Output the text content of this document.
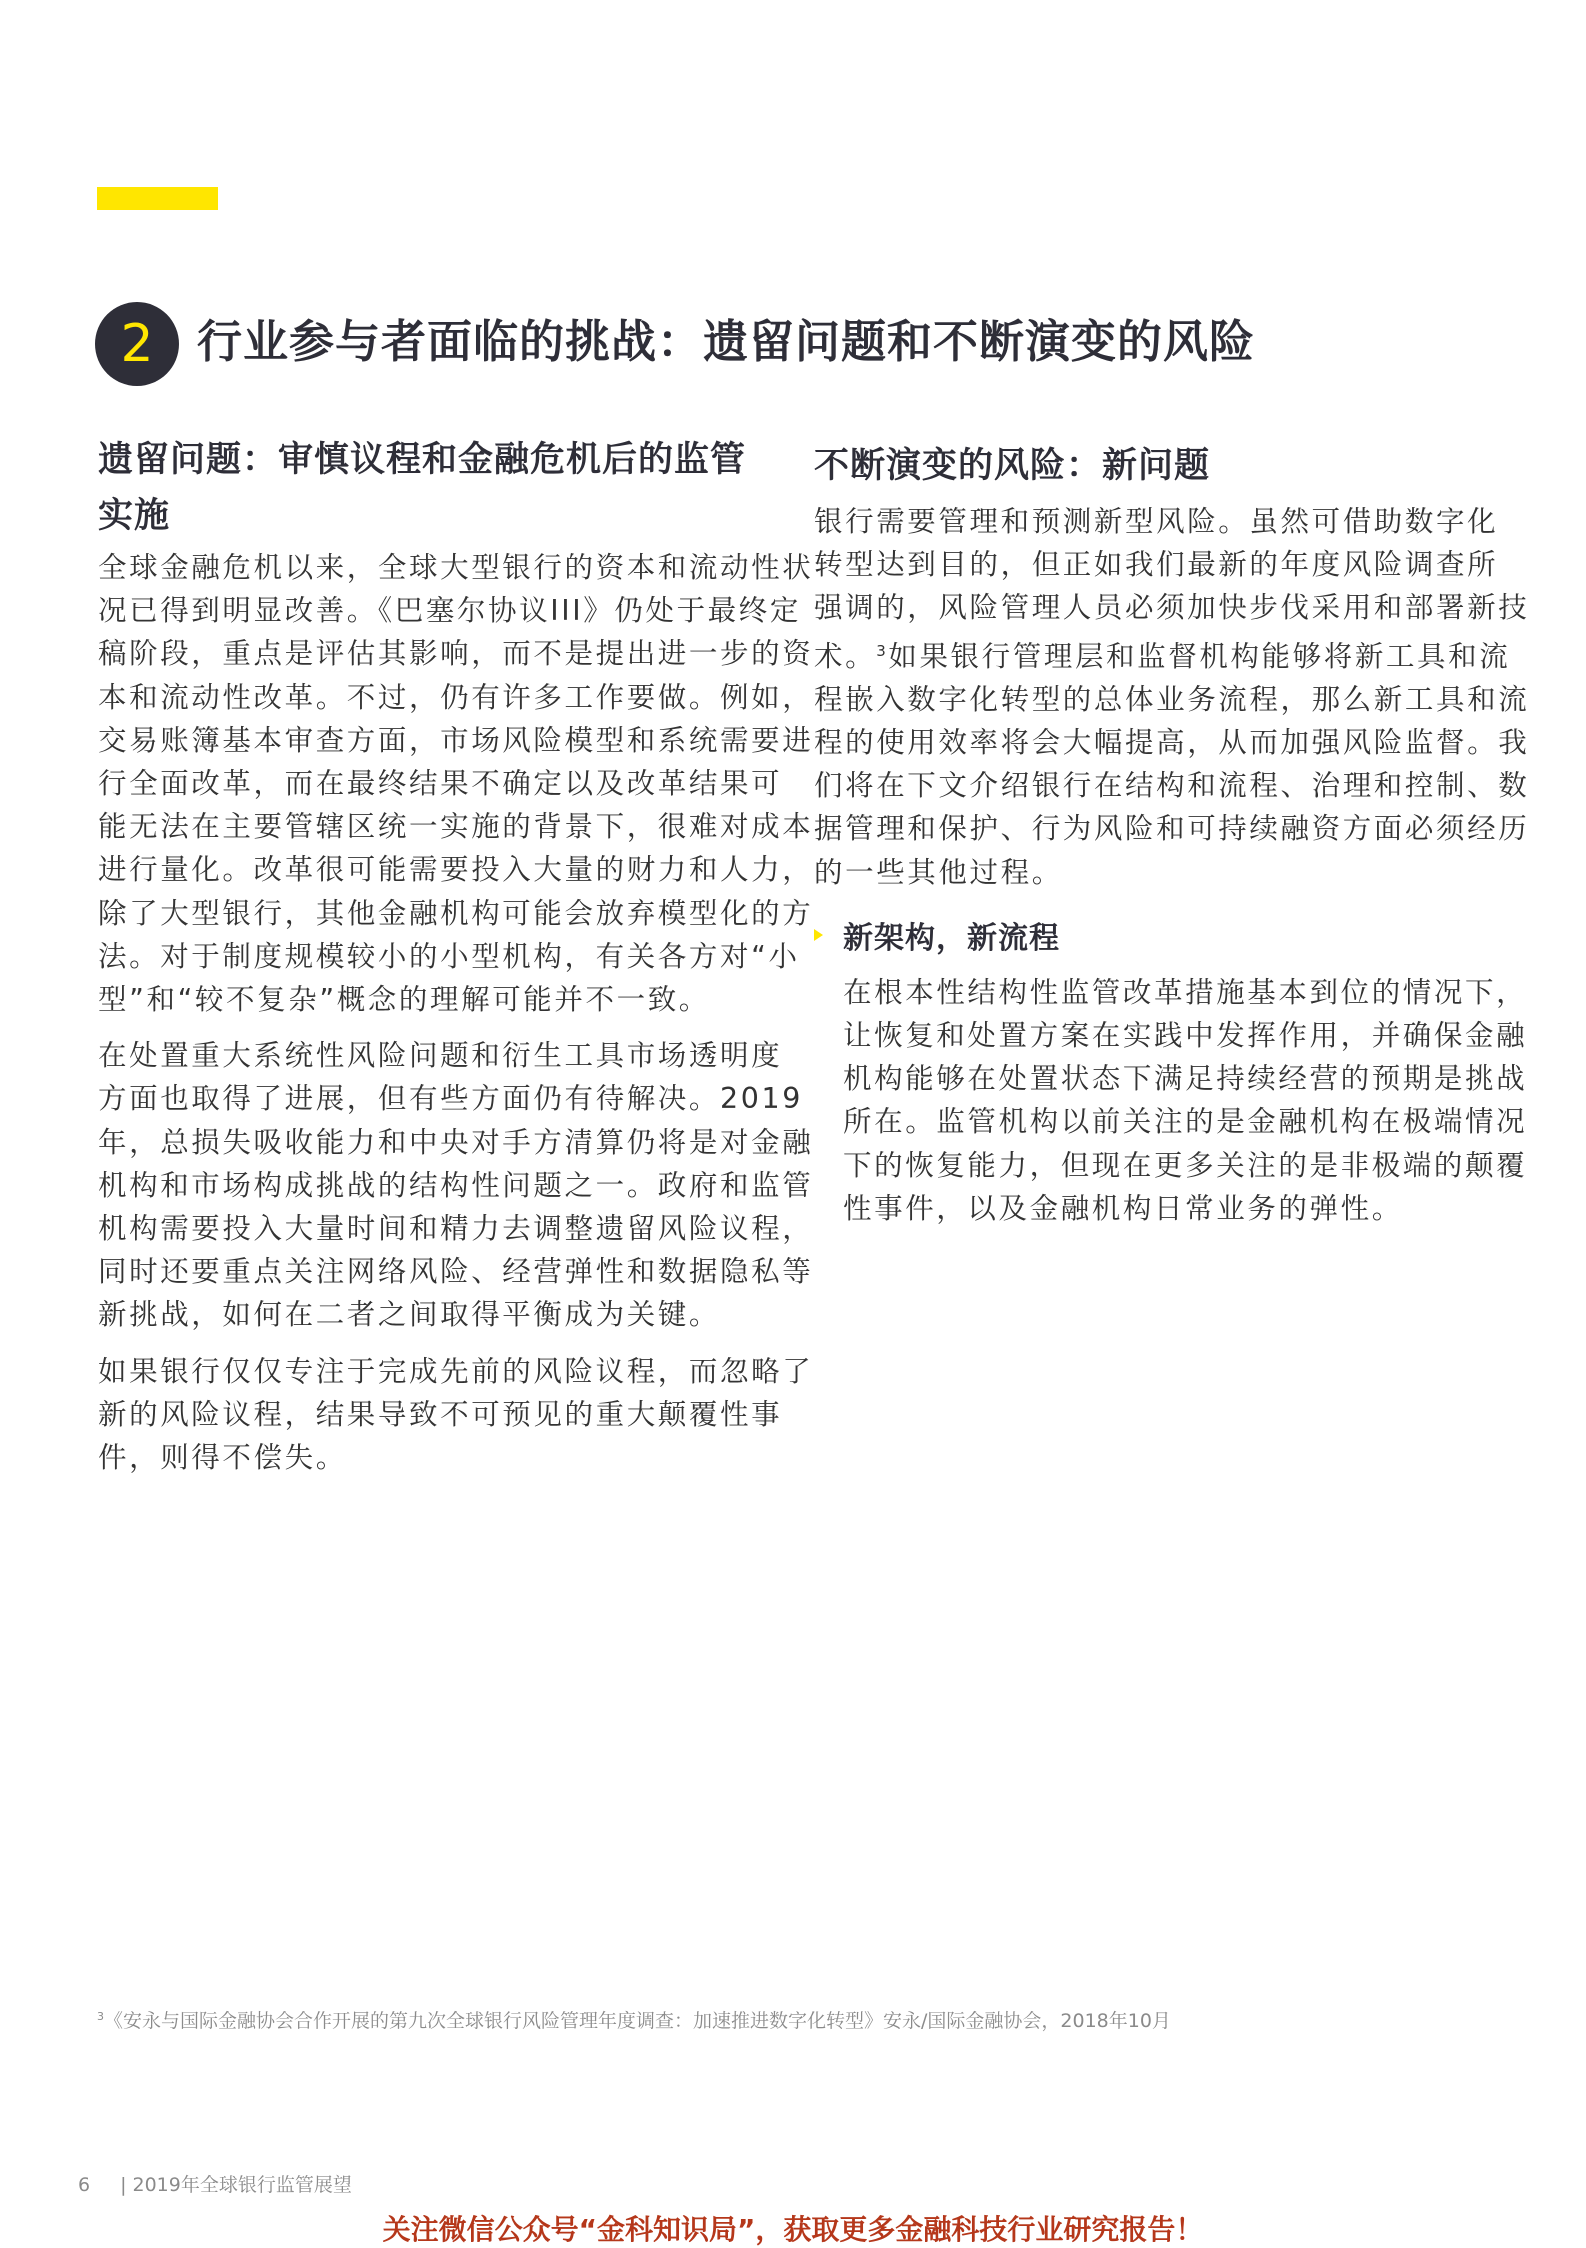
2 行业参与者面临的挑战：遗留问题和不断演变的风险
遗留问题：审慎议程和金融危机后的监管
实施
全球金融危机以来，全球大型银行的资本和流动性状
况已得到明显改善。《巴塞尔协议III》仍处于最终定
稿阶段，重点是评估其影响，而不是提出进一步的资
本和流动性改革。不过，仍有许多工作要做。例如，
交易账簿基本审查方面，市场风险模型和系统需要进
行全面改革，而在最终结果不确定以及改革结果可
能无法在主要管辖区统一实施的背景下，很难对成本
进行量化。改革很可能需要投入大量的财力和人力，
除了大型银行，其他金融机构可能会放弃模型化的方
法。对于制度规模较小的小型机构，有关各方对“小
型”和“较不复杂”概念的理解可能并不一致。
在处置重大系统性风险问题和衍生工具市场透明度
方面也取得了进展，但有些方面仍有待解决。2019
年，总损失吸收能力和中央对手方清算仍将是对金融
机构和市场构成挑战的结构性问题之一。政府和监管
机构需要投入大量时间和精力去调整遗留风险议程，
同时还要重点关注网络风险、经营弹性和数据隐私等
新挑战，如何在二者之间取得平衡成为关键。
如果银行仅仅专注于完成先前的风险议程，而忽略了
新的风险议程，结果导致不可预见的重大颠覆性事
件，则得不偿失。
不断演变的风险：新问题
银行需要管理和预测新型风险。虽然可借助数字化
转型达到目的，但正如我们最新的年度风险调查所
强调的，风险管理人员必须加快步伐采用和部署新技
术。$^3$如果银行管理层和监督机构能够将新工具和流
程嵌入数字化转型的总体业务流程，那么新工具和流
程的使用效率将会大幅提高，从而加强风险监督。我
们将在下文介绍银行在结构和流程、治理和控制、数
据管理和保护、行为风险和可持续融资方面必须经历
的一些其他过程。
新架构，新流程
在根本性结构性监管改革措施基本到位的情况下，
让恢复和处置方案在实践中发挥作用，并确保金融
机构能够在处置状态下满足持续经营的预期是挑战
所在。监管机构以前关注的是金融机构在极端情况
下的恢复能力，但现在更多关注的是非极端的颠覆
性事件，以及金融机构日常业务的弹性。
$^3$《安永与国际金融协会合作开展的第九次全球银行风险管理年度调查：加速推进数字化转型》安永/国际金融协会，2018年10月
6 | 2019年全球银行监管展望
关注微信公众号“金科知识局”，获取更多金融科技行业研究报告！
